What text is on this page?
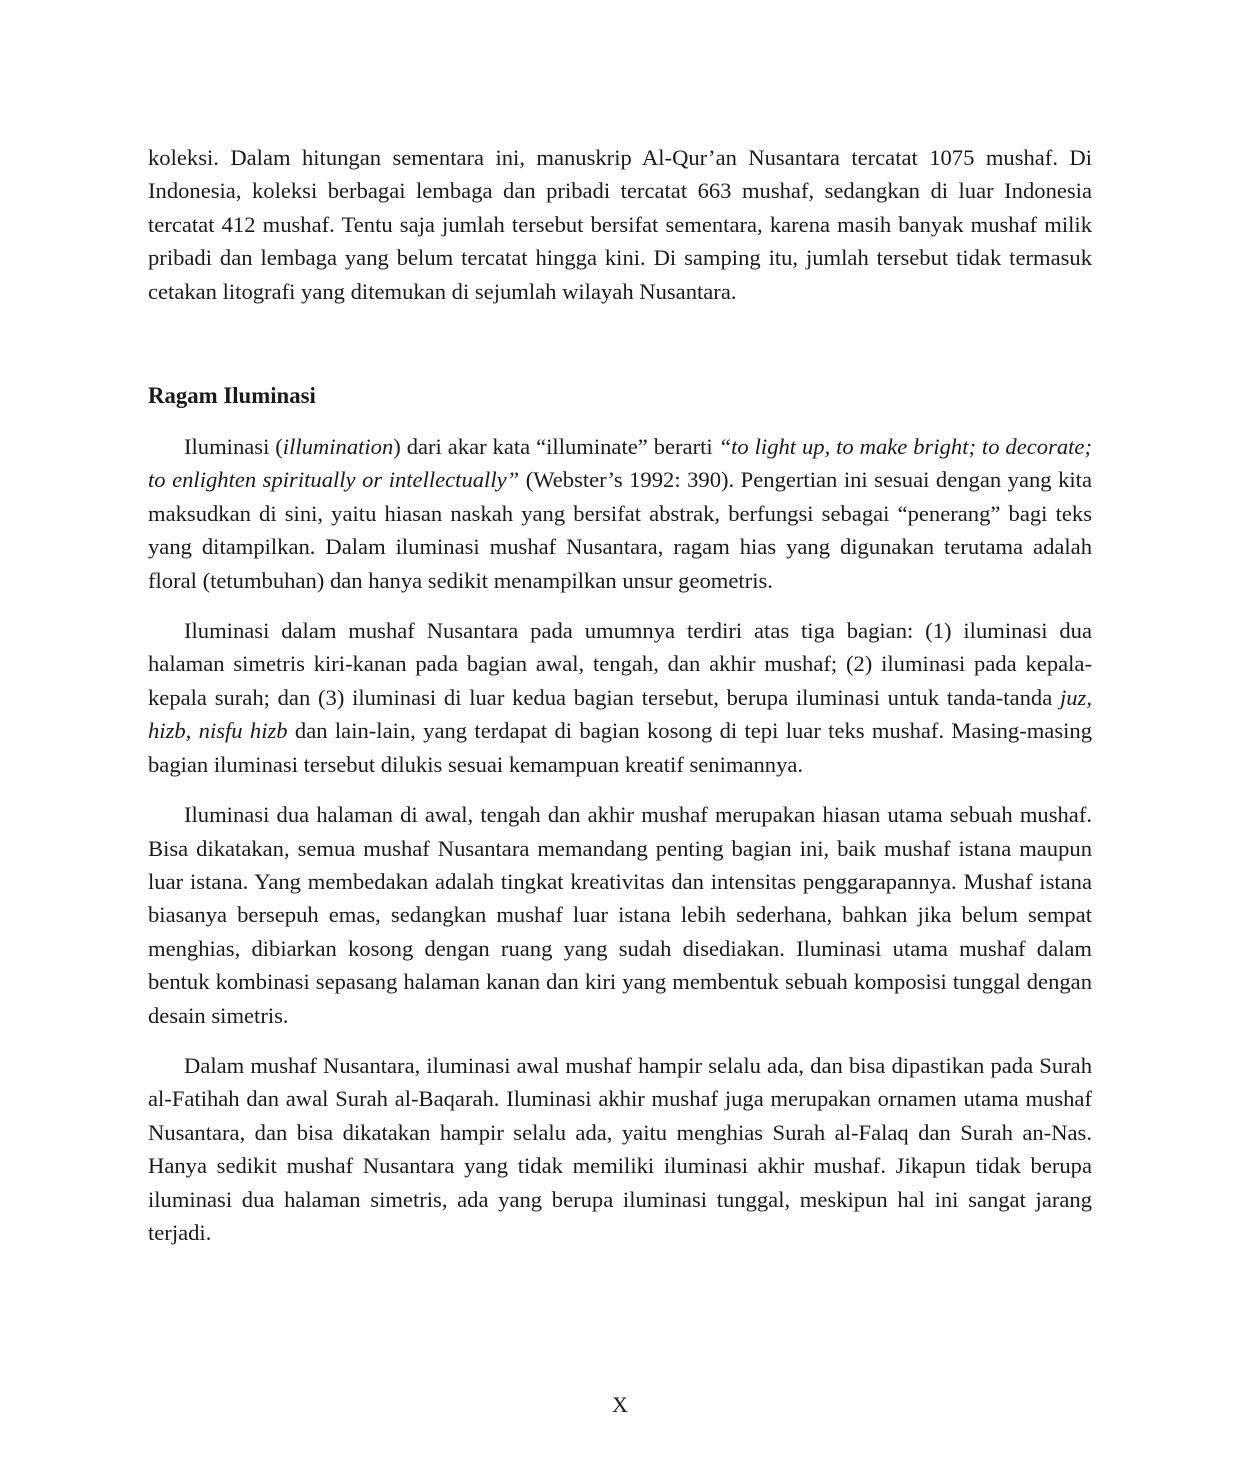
koleksi. Dalam hitungan sementara ini, manuskrip Al-Qur’an Nusantara tercatat 1075 mushaf. Di Indonesia, koleksi berbagai lembaga dan pribadi tercatat 663 mushaf, sedangkan di luar Indonesia tercatat 412 mushaf. Tentu saja jumlah tersebut bersifat sementara, karena masih banyak mushaf milik pribadi dan lembaga yang belum tercatat hingga kini. Di samping itu, jumlah tersebut tidak termasuk cetakan litografi yang ditemukan di sejumlah wilayah Nusantara.

Ragam Iluminasi

Iluminasi (illumination) dari akar kata “illuminate” berarti “to light up, to make bright; to decorate; to enlighten spiritually or intellectually” (Webster’s 1992: 390). Pengertian ini sesuai dengan yang kita maksudkan di sini, yaitu hiasan naskah yang bersifat abstrak, berfungsi sebagai “penerang” bagi teks yang ditampilkan. Dalam iluminasi mushaf Nusantara, ragam hias yang digunakan terutama adalah floral (tetumbuhan) dan hanya sedikit menampilkan unsur geometris.

Iluminasi dalam mushaf Nusantara pada umumnya terdiri atas tiga bagian: (1) iluminasi dua halaman simetris kiri-kanan pada bagian awal, tengah, dan akhir mushaf; (2) iluminasi pada kepala-kepala surah; dan (3) iluminasi di luar kedua bagian tersebut, berupa iluminasi untuk tanda-tanda juz, hizb, nisfu hizb dan lain-lain, yang terdapat di bagian kosong di tepi luar teks mushaf. Masing-masing bagian iluminasi tersebut dilukis sesuai kemampuan kreatif senimannya.

Iluminasi dua halaman di awal, tengah dan akhir mushaf merupakan hiasan utama sebuah mushaf. Bisa dikatakan, semua mushaf Nusantara memandang penting bagian ini, baik mushaf istana maupun luar istana. Yang membedakan adalah tingkat kreativitas dan intensitas penggarapannya. Mushaf istana biasanya bersepuh emas, sedangkan mushaf luar istana lebih sederhana, bahkan jika belum sempat menghias, dibiarkan kosong dengan ruang yang sudah disediakan. Iluminasi utama mushaf dalam bentuk kombinasi sepasang halaman kanan dan kiri yang membentuk sebuah komposisi tunggal dengan desain simetris.

Dalam mushaf Nusantara, iluminasi awal mushaf hampir selalu ada, dan bisa dipastikan pada Surah al-Fatihah dan awal Surah al-Baqarah. Iluminasi akhir mushaf juga merupakan ornamen utama mushaf Nusantara, dan bisa dikatakan hampir selalu ada, yaitu menghias Surah al-Falaq dan Surah an-Nas. Hanya sedikit mushaf Nusantara yang tidak memiliki iluminasi akhir mushaf. Jikapun tidak berupa iluminasi dua halaman simetris, ada yang berupa iluminasi tunggal, meskipun hal ini sangat jarang terjadi.

X
